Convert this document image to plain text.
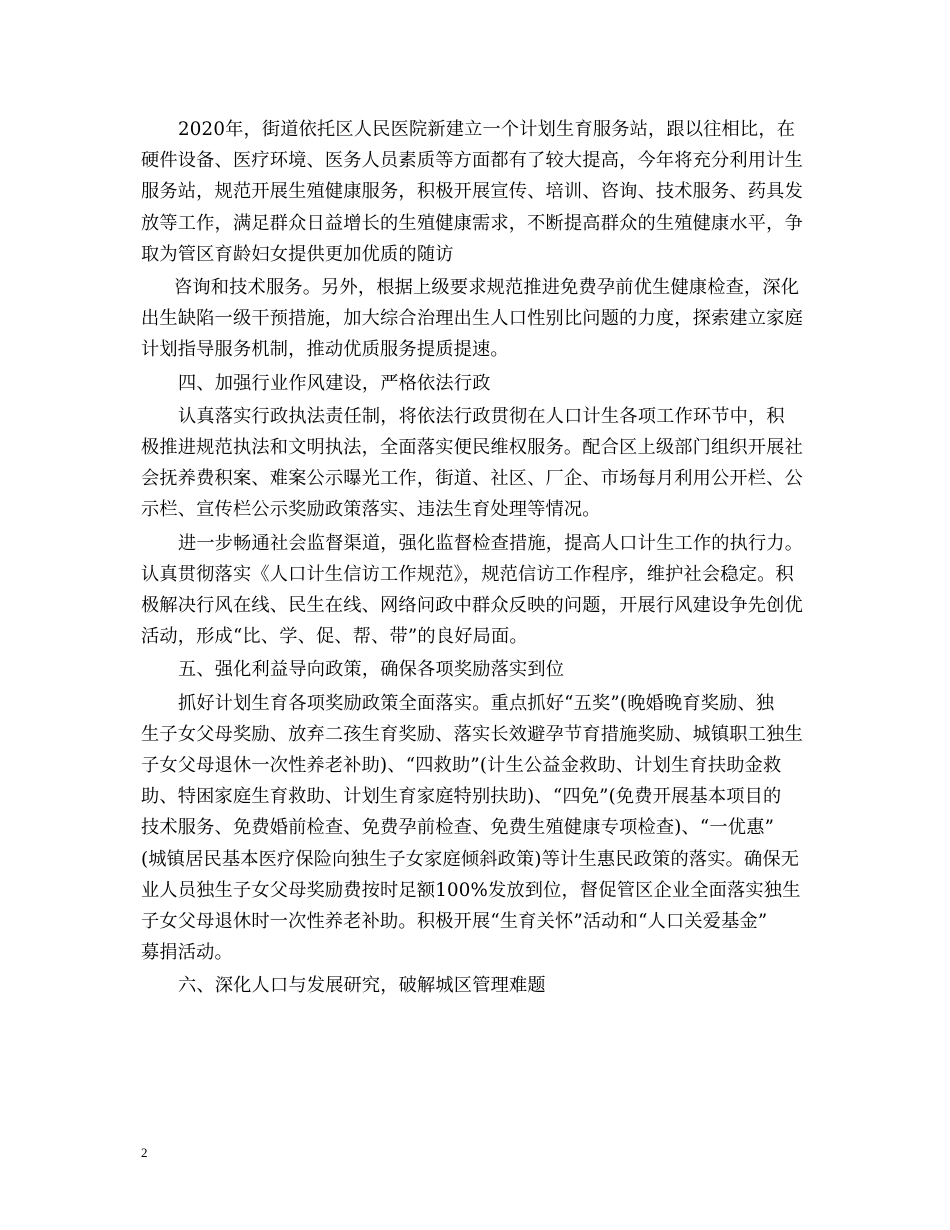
2020年，街道依托区人民医院新建立一个计划生育服务站，跟以往相比，在
硬件设备、医疗环境、医务人员素质等方面都有了较大提高，今年将充分利用计生
服务站，规范开展生殖健康服务，积极开展宣传、培训、咨询、技术服务、药具发
放等工作，满足群众日益增长的生殖健康需求，不断提高群众的生殖健康水平，争
取为管区育龄妇女提供更加优质的随访

咨询和技术服务。另外，根据上级要求规范推进免费孕前优生健康检查，深化
出生缺陷一级干预措施，加大综合治理出生人口性别比问题的力度，探索建立家庭
计划指导服务机制，推动优质服务提质提速。

四、加强行业作风建设，严格依法行政

认真落实行政执法责任制，将依法行政贯彻在人口计生各项工作环节中，积
极推进规范执法和文明执法，全面落实便民维权服务。配合区上级部门组织开展社
会抚养费积案、难案公示曝光工作，街道、社区、厂企、市场每月利用公开栏、公
示栏、宣传栏公示奖励政策落实、违法生育处理等情况。

进一步畅通社会监督渠道，强化监督检查措施，提高人口计生工作的执行力。
认真贯彻落实《人口计生信访工作规范》，规范信访工作程序，维护社会稳定。积
极解决行风在线、民生在线、网络问政中群众反映的问题，开展行风建设争先创优
活动，形成“比、学、促、帮、带”的良好局面。

五、强化利益导向政策，确保各项奖励落实到位

抓好计划生育各项奖励政策全面落实。重点抓好“五奖”(晚婚晚育奖励、独
生子女父母奖励、放弃二孩生育奖励、落实长效避孕节育措施奖励、城镇职工独生
子女父母退休一次性养老补助)、“四救助”(计生公益金救助、计划生育扶助金救
助、特困家庭生育救助、计划生育家庭特别扶助)、“四免”(免费开展基本项目的
技术服务、免费婚前检查、免费孕前检查、免费生殖健康专项检查)、“一优惠”
(城镇居民基本医疗保险向独生子女家庭倾斜政策)等计生惠民政策的落实。确保无
业人员独生子女父母奖励费按时足额100%发放到位，督促管区企业全面落实独生
子女父母退休时一次性养老补助。积极开展“生育关怀”活动和“人口关爱基金”
募捐活动。

六、深化人口与发展研究，破解城区管理难题

2
